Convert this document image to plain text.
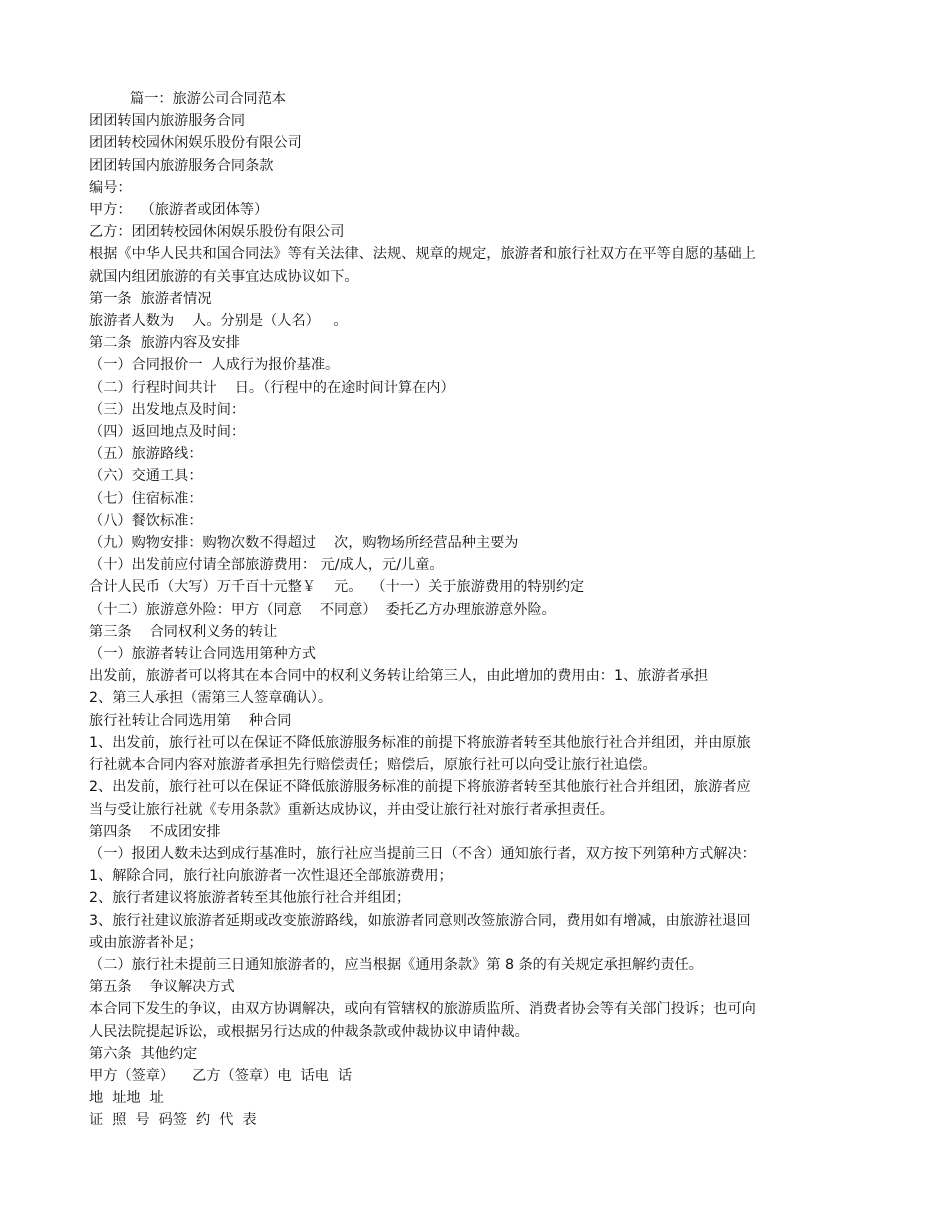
篇一：旅游公司合同范本

团团转国内旅游服务合同

团团转校园休闲娱乐股份有限公司

团团转国内旅游服务合同条款

编号：

甲方：  （旅游者或团体等）

乙方：团团转校园休闲娱乐股份有限公司

根据《中华人民共和国合同法》等有关法律、法规、规章的规定，旅游者和旅行社双方在平等自愿的基础上

就国内组团旅游的有关事宜达成协议如下。

第一条  旅游者情况

旅游者人数为    人。分别是（人名）   。

第二条  旅游内容及安排

（一）合同报价一  人成行为报价基准。

（二）行程时间共计    日。（行程中的在途时间计算在内）

（三）出发地点及时间：

（四）返回地点及时间：

（五）旅游路线：

（六）交通工具：

（七）住宿标准：

（八）餐饮标准：

（九）购物安排：购物次数不得超过    次，购物场所经营品种主要为

（十）出发前应付请全部旅游费用： 元/成人，元/儿童。

合计人民币（大写）万千百十元整￥    元。  （十一）关于旅游费用的特别约定

（十二）旅游意外险：甲方（同意    不同意）  委托乙方办理旅游意外险。

第三条    合同权利义务的转让

（一）旅游者转让合同选用第种方式

出发前，旅游者可以将其在本合同中的权利义务转让给第三人，由此增加的费用由：1、旅游者承担

2、第三人承担（需第三人签章确认）。

旅行社转让合同选用第    种合同

1、出发前，旅行社可以在保证不降低旅游服务标准的前提下将旅游者转至其他旅行社合并组团，并由原旅

行社就本合同内容对旅游者承担先行赔偿责任；赔偿后，原旅行社可以向受让旅行社追偿。

2、出发前，旅行社可以在保证不降低旅游服务标准的前提下将旅游者转至其他旅行社合并组团，旅游者应

当与受让旅行社就《专用条款》重新达成协议，并由受让旅行社对旅行者承担责任。

第四条    不成团安排

（一）报团人数未达到成行基准时，旅行社应当提前三日（不含）通知旅行者，双方按下列第种方式解决：

1、解除合同，旅行社向旅游者一次性退还全部旅游费用；

2、旅行者建议将旅游者转至其他旅行社合并组团；

3、旅行社建议旅游者延期或改变旅游路线，如旅游者同意则改签旅游合同，费用如有增减，由旅游社退回

或由旅游者补足；

（二）旅行社未提前三日通知旅游者的，应当根据《通用条款》第 8 条的有关规定承担解约责任。

第五条    争议解决方式

本合同下发生的争议，由双方协调解决，或向有管辖权的旅游质监所、消费者协会等有关部门投诉；也可向

人民法院提起诉讼，或根据另行达成的仲裁条款或仲裁协议申请仲裁。

第六条  其他约定

甲方（签章）    乙方（签章）电  话电  话

地  址地  址

证  照  号  码签  约  代  表
